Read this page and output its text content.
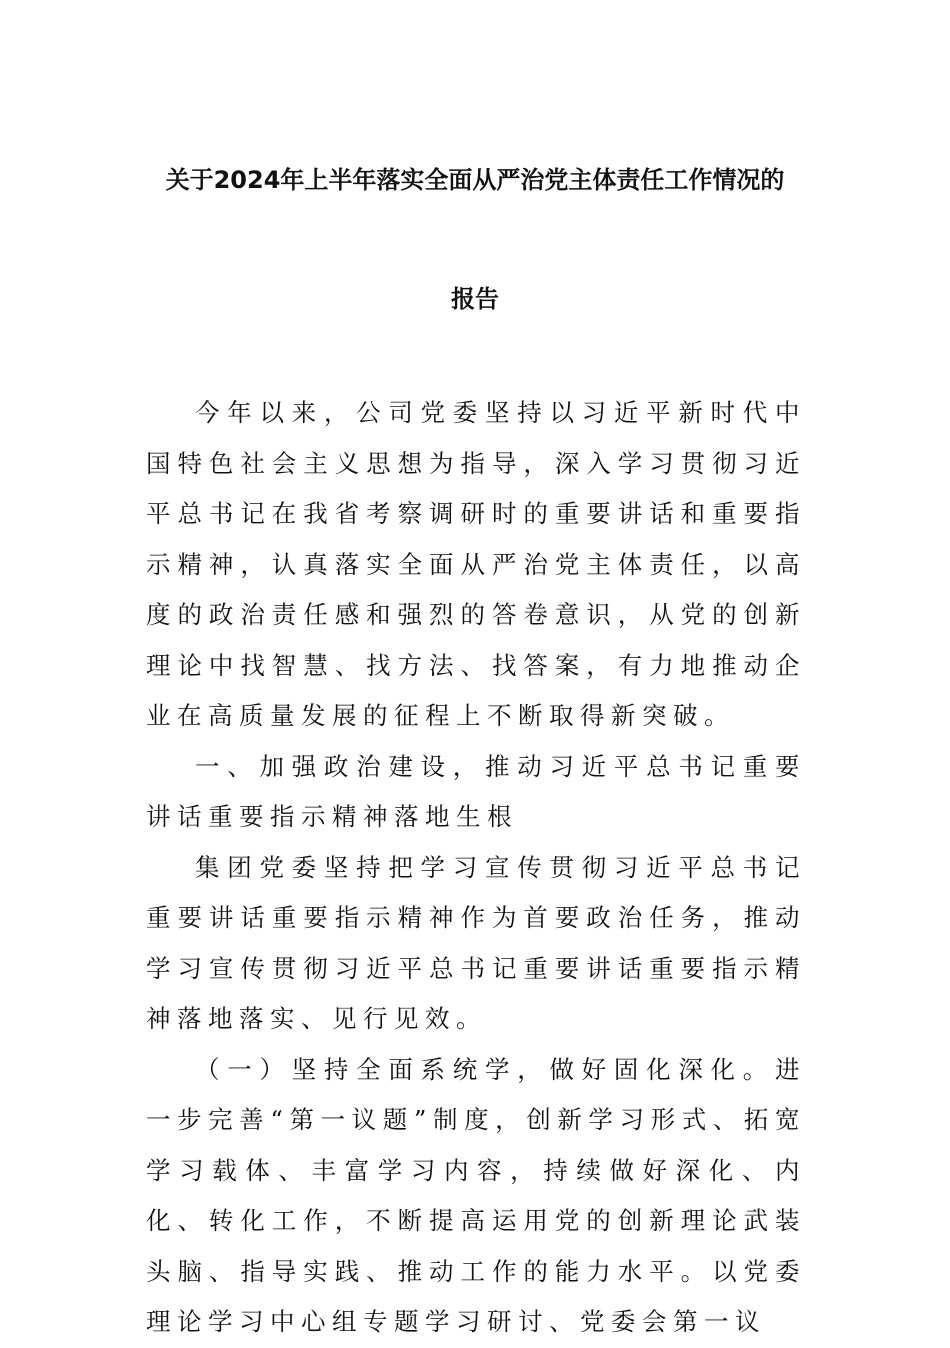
关于2024年上半年落实全面从严治党主体责任工作情况的
报告

今年以来，公司党委坚持以习近平新时代中国特色社会主义思想为指导，深入学习贯彻习近平总书记在我省考察调研时的重要讲话和重要指示精神，认真落实全面从严治党主体责任，以高度的政治责任感和强烈的答卷意识，从党的创新理论中找智慧、找方法、找答案，有力地推动企业在高质量发展的征程上不断取得新突破。

一、加强政治建设，推动习近平总书记重要讲话重要指示精神落地生根

集团党委坚持把学习宣传贯彻习近平总书记重要讲话重要指示精神作为首要政治任务，推动学习宣传贯彻习近平总书记重要讲话重要指示精神落地落实、见行见效。

（一）坚持全面系统学，做好固化深化。进一步完善“第一议题”制度，创新学习形式、拓宽学习载体、丰富学习内容，持续做好深化、内化、转化工作，不断提高运用党的创新理论武装头脑、指导实践、推动工作的能力水平。以党委理论学习中心组专题学习研讨、党委会第一议
